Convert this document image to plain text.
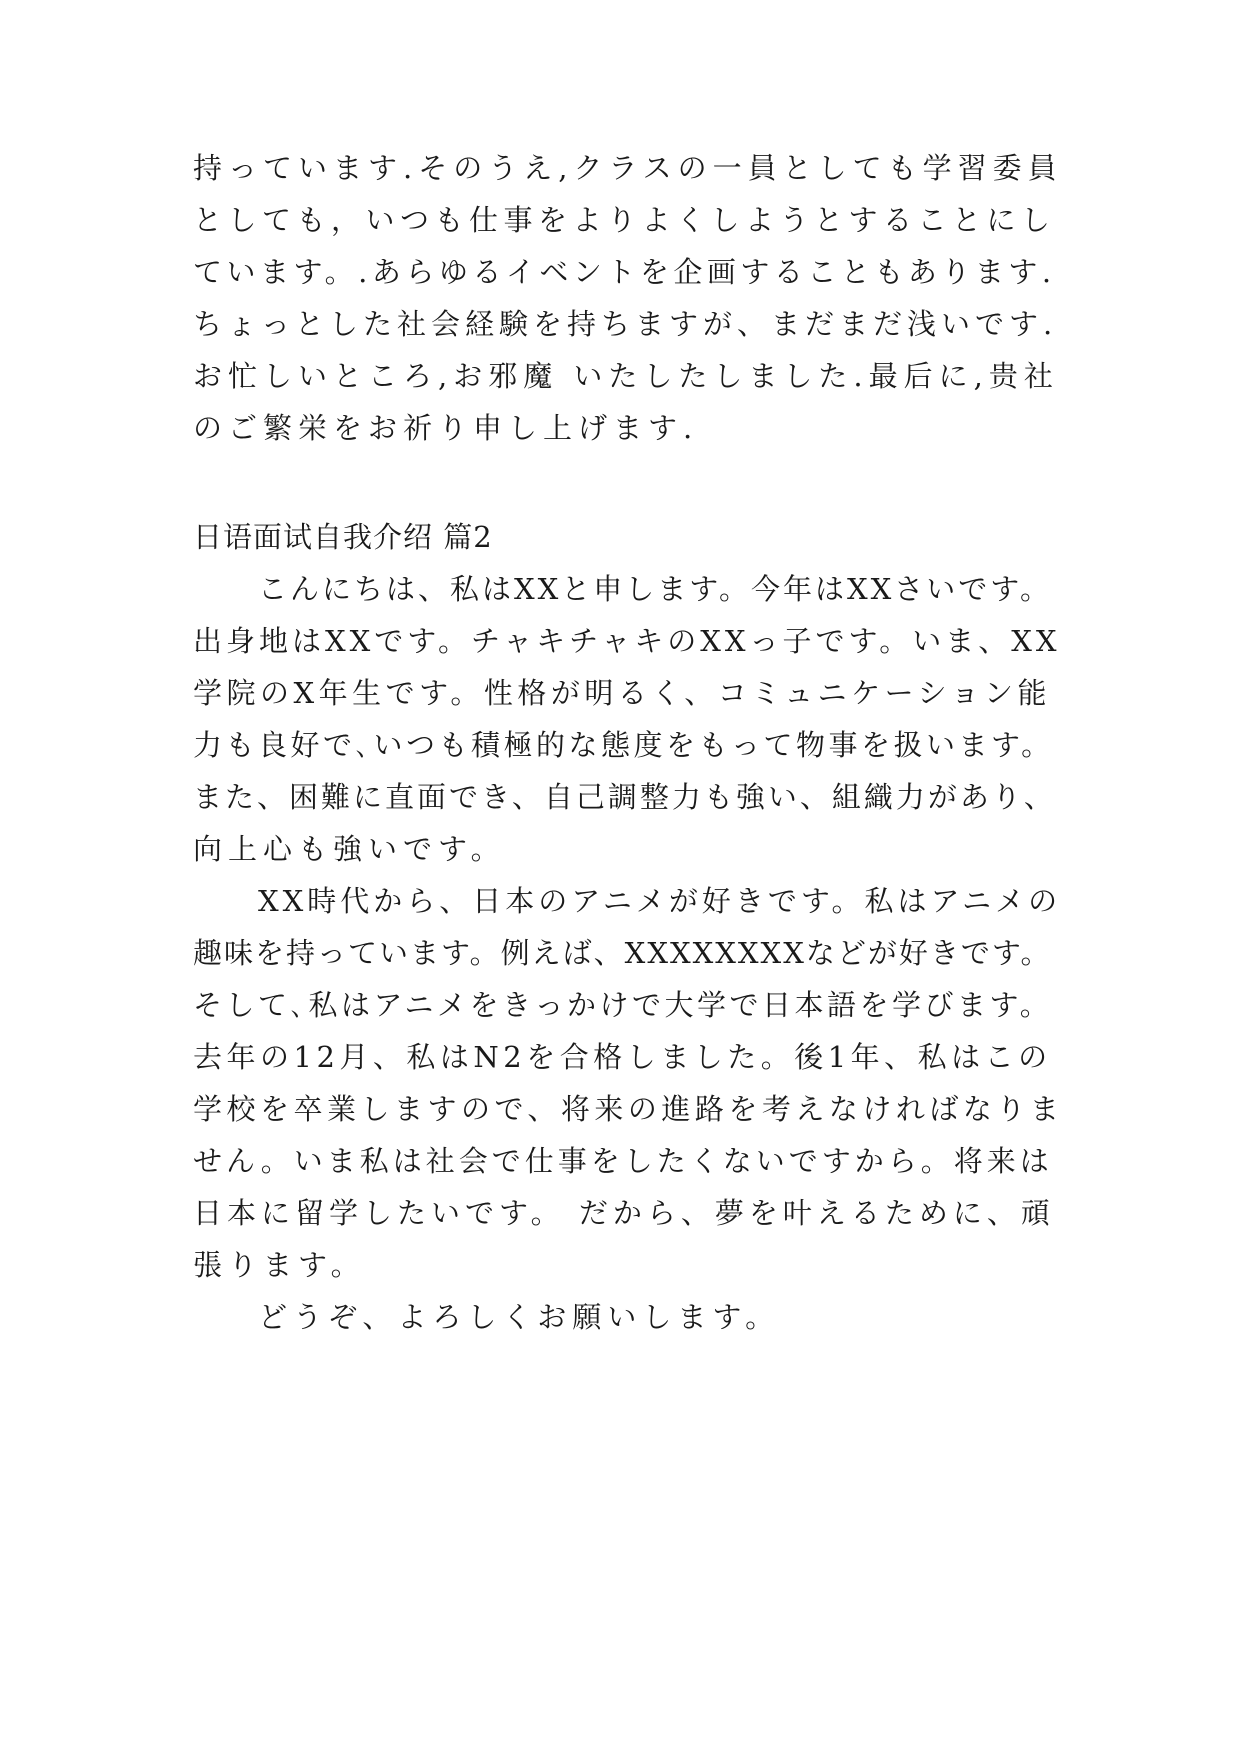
持っています.そのうえ,クラスの一員としても学習委員
としても，いつも仕事をよりよくしようとすることにし
ています。.あらゆるイベントを企画することもあります.
ちょっとした社会経験を持ちますが、まだまだ浅いです.
お忙しいところ,お邪魔 いたしたしました.最后に,贵社
のご繁栄をお祈り申し上げます.
日语面试自我介绍 篇2
こんにちは、私はXXと申します。今年はXXさいです。
出身地はXXです。チャキチャキのXXっ子です。いま、XX
学院のX年生です。性格が明るく、コミュニケーション能
力も良好で､いつも積極的な態度をもって物事を扱います。
また、困難に直面でき、自己調整力も強い、組織力があり、
向上心も強いです。
XX時代から、日本のアニメが好きです。私はアニメの
趣味を持っています。例えば、XXXXXXXXなどが好きです。
そして､私はアニメをきっかけで大学で日本語を学びます。
去年の12月、私はN2を合格しました。後1年、私はこの
学校を卒業しますので、将来の進路を考えなければなりま
せん。いま私は社会で仕事をしたくないですから。将来は
日本に留学したいです。 だから、夢を叶えるために、頑
張ります。
どうぞ、よろしくお願いします。
